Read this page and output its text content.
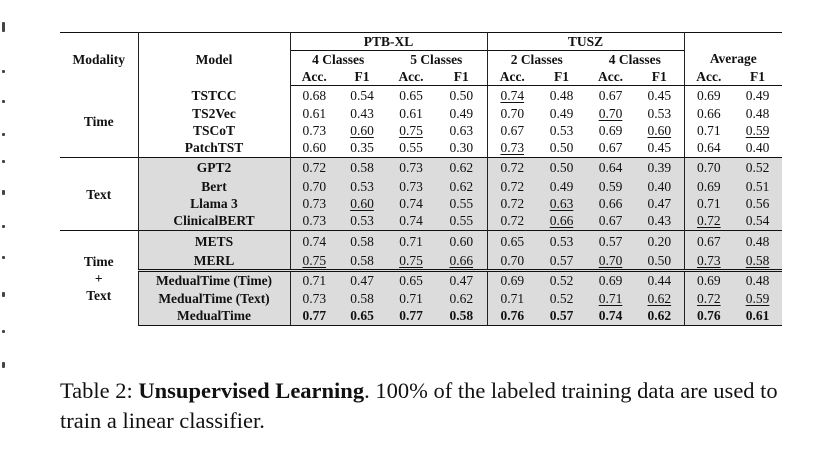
Modality	Model	PTB-XL				TUSZ				Average	
		4 Classes		5 Classes		2 Classes		4 Classes			
		Acc.	F1	Acc.	F1	Acc.	F1	Acc.	F1	Acc.	F1
Time	TSTCC	0.68	0.54	0.65	0.50	0.74	0.48	0.67	0.45	0.69	0.49
	TS2Vec	0.61	0.43	0.61	0.49	0.70	0.49	0.70	0.53	0.66	0.48
	TSCoT	0.73	0.60	0.75	0.63	0.67	0.53	0.69	0.60	0.71	0.59
	PatchTST	0.60	0.35	0.55	0.30	0.73	0.50	0.67	0.45	0.64	0.40
Text	GPT2	0.72	0.58	0.73	0.62	0.72	0.50	0.64	0.39	0.70	0.52
	Bert	0.70	0.53	0.73	0.62	0.72	0.49	0.59	0.40	0.69	0.51
	Llama 3	0.73	0.60	0.74	0.55	0.72	0.63	0.66	0.47	0.71	0.56
	ClinicalBERT	0.73	0.53	0.74	0.55	0.72	0.66	0.67	0.43	0.72	0.54

Time
+
Text	METS	0.74	0.58	0.71	0.60	0.65	0.53	0.57	0.20	0.67	0.48
	MERL	0.75	0.58	0.75	0.66	0.70	0.57	0.70	0.50	0.73	0.58
	MedualTime (Time)	0.71	0.47	0.65	0.47	0.69	0.52	0.69	0.44	0.69	0.48
	MedualTime (Text)	0.73	0.58	0.71	0.62	0.71	0.52	0.71	0.62	0.72	0.59
	MedualTime	0.77	0.65	0.77	0.58	0.76	0.57	0.74	0.62	0.76	0.61
Table 2: Unsupervised Learning. 100% of the labeled training data are used to train a linear classifier.
